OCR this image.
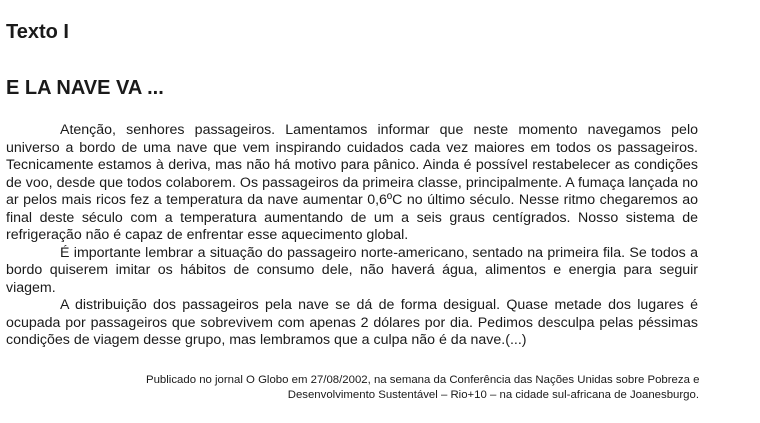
Texto I
E LA NAVE VA ...

Atenção, senhores passageiros. Lamentamos informar que neste momento navegamos pelo universo a bordo de uma nave que vem inspirando cuidados cada vez maiores em todos os passageiros. Tecnicamente estamos à deriva, mas não há motivo para pânico. Ainda é possível restabelecer as condições de voo, desde que todos colaborem. Os passageiros da primeira classe, principalmente. A fumaça lançada no ar pelos mais ricos fez a temperatura da nave aumentar 0,6ºC no último século. Nesse ritmo chegaremos ao final deste século com a temperatura aumentando de um a seis graus centígrados. Nosso sistema de refrigeração não é capaz de enfrentar esse aquecimento global.

É importante lembrar a situação do passageiro norte-americano, sentado na primeira fila. Se todos a bordo quiserem imitar os hábitos de consumo dele, não haverá água, alimentos e energia para seguir viagem.

A distribuição dos passageiros pela nave se dá de forma desigual. Quase metade dos lugares é ocupada por passageiros que sobrevivem com apenas 2 dólares por dia. Pedimos desculpa pelas péssimas condições de viagem desse grupo, mas lembramos que a culpa não é da nave.(...)

Publicado no jornal O Globo em 27/08/2002, na semana da Conferência das Nações Unidas sobre Pobreza e
Desenvolvimento Sustentável – Rio+10 – na cidade sul-africana de Joanesburgo.
